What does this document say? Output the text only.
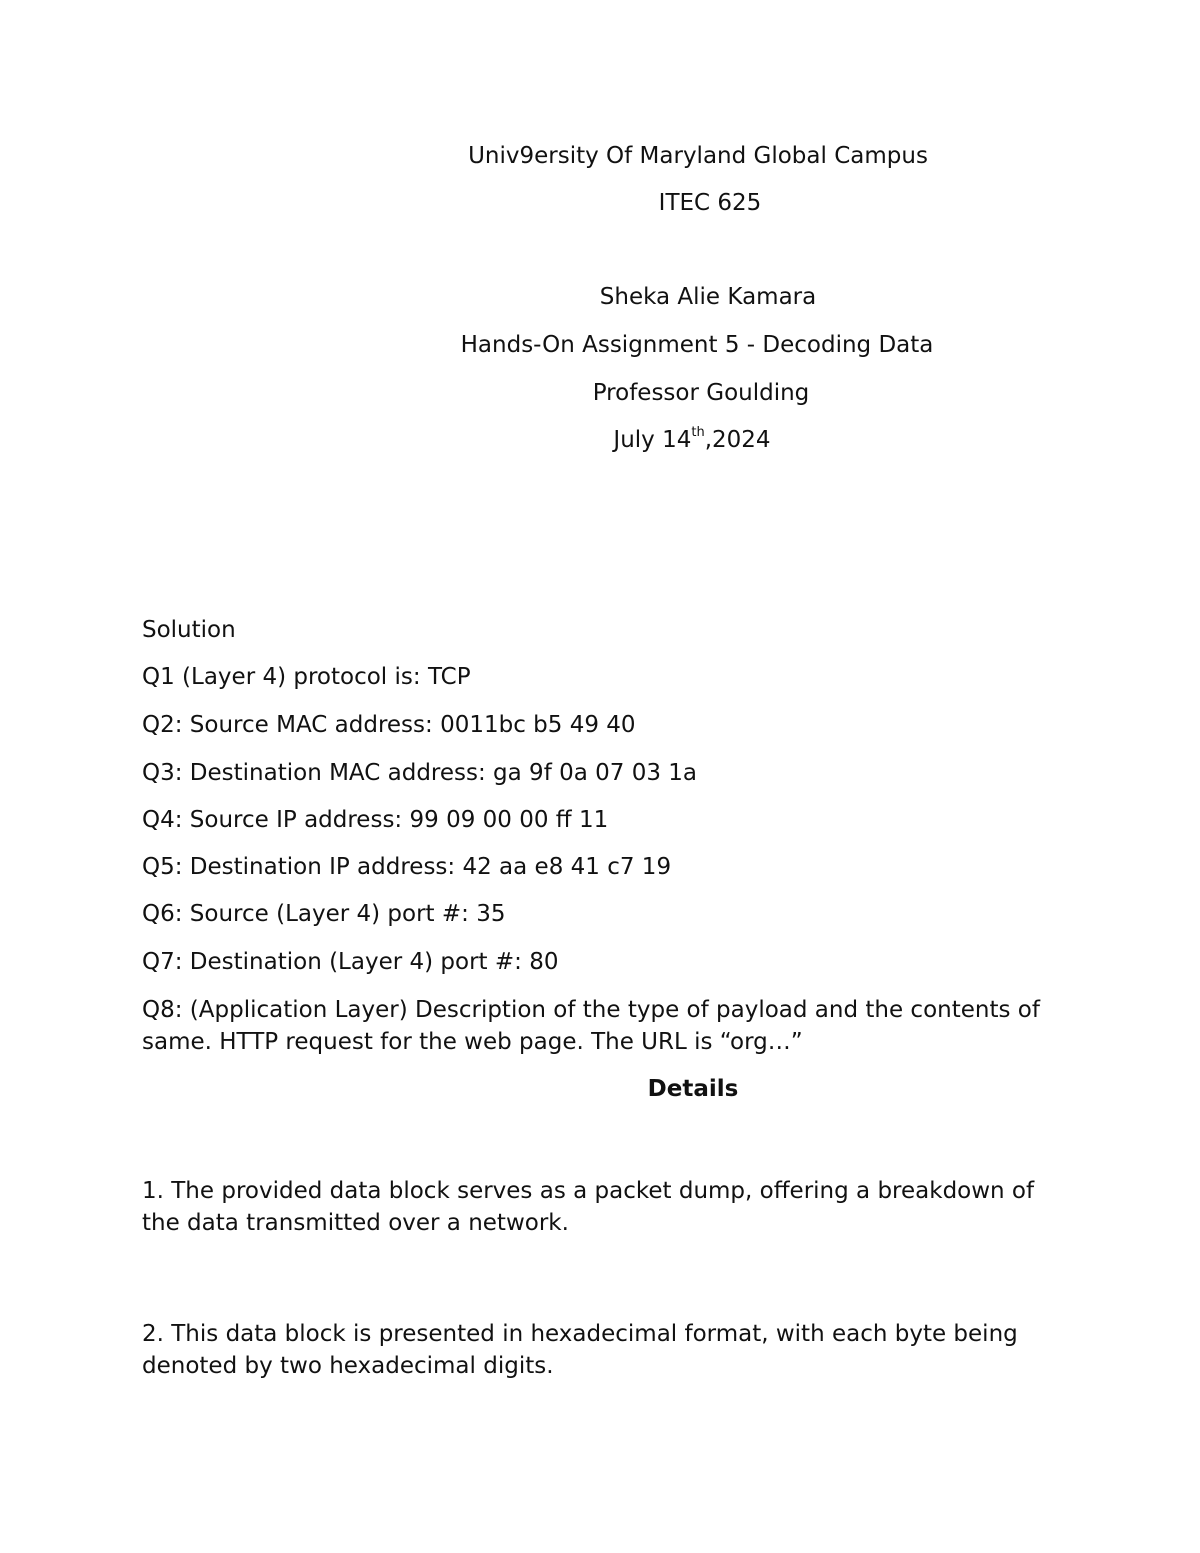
Univ9ersity Of Maryland Global Campus
ITEC 625
Sheka Alie Kamara
Hands-On Assignment 5 - Decoding Data
Professor Goulding
July 14th,2024
Solution
Q1 (Layer 4) protocol is: TCP
Q2: Source MAC address: 0011bc b5 49 40
Q3: Destination MAC address: ga 9f 0a 07 03 1a
Q4: Source IP address: 99 09 00 00 ff 11
Q5: Destination IP address: 42 aa e8 41 c7 19
Q6: Source (Layer 4) port #: 35
Q7: Destination (Layer 4) port #: 80
Q8: (Application Layer) Description of the type of payload and the contents of same. HTTP request for the web page. The URL is “org…”
Details
1. The provided data block serves as a packet dump, offering a breakdown of the data transmitted over a network.
2. This data block is presented in hexadecimal format, with each byte being denoted by two hexadecimal digits.
